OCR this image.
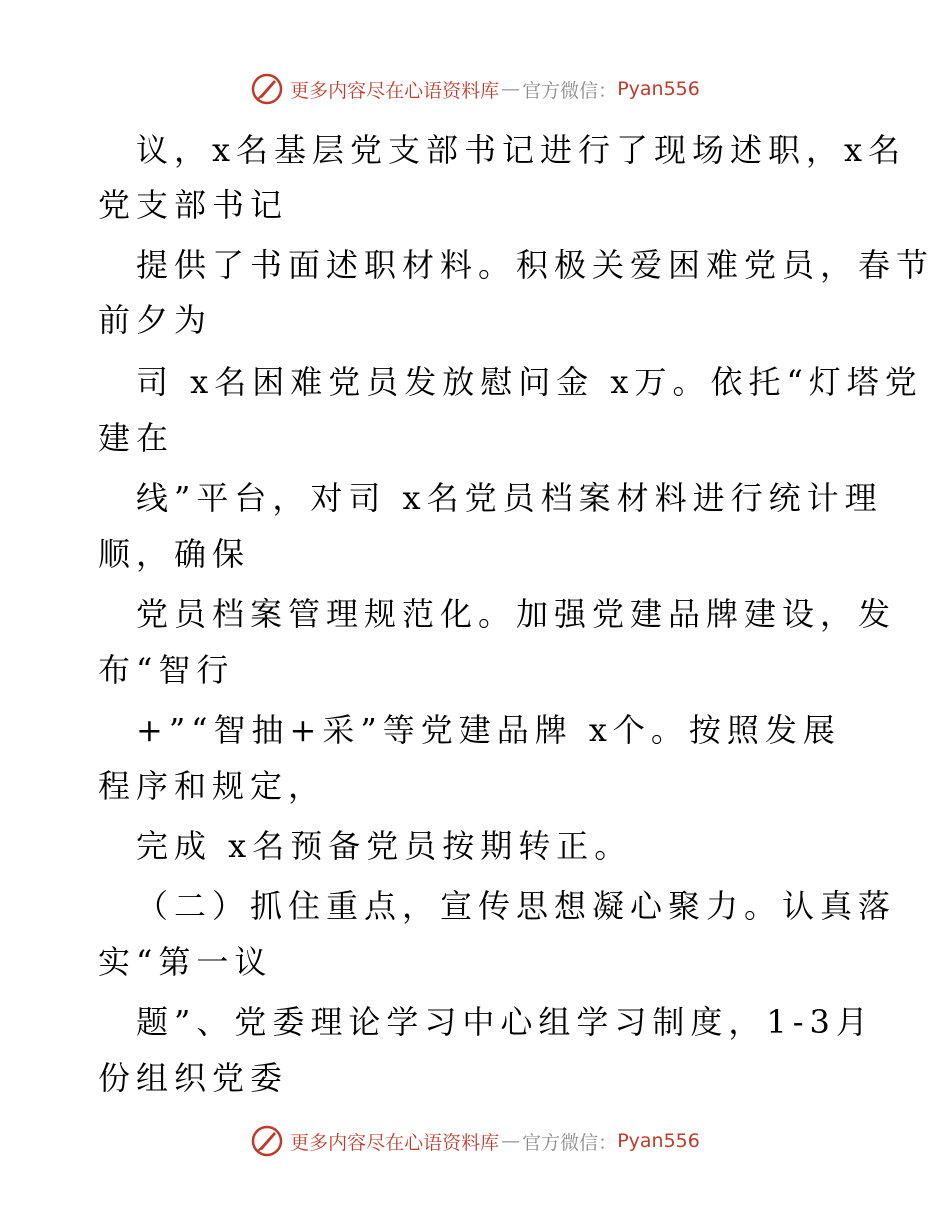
更多内容尽在心语资料库 — 官方微信： Pyan556
议，x名基层党支部书记进行了现场述职，x名
党支部书记
提供了书面述职材料。积极关爱困难党员，春节
前夕为
司 x名困难党员发放慰问金 x万。依托“灯塔党
建在
线”平台，对司 x名党员档案材料进行统计理
顺，确保
党员档案管理规范化。加强党建品牌建设，发
布“智行
+”“智抽+采”等党建品牌 x个。按照发展
程序和规定，
完成 x名预备党员按期转正。
（二）抓住重点，宣传思想凝心聚力。认真落
实“第一议
题”、党委理论学习中心组学习制度，1-3月
份组织党委
更多内容尽在心语资料库 — 官方微信： Pyan556
